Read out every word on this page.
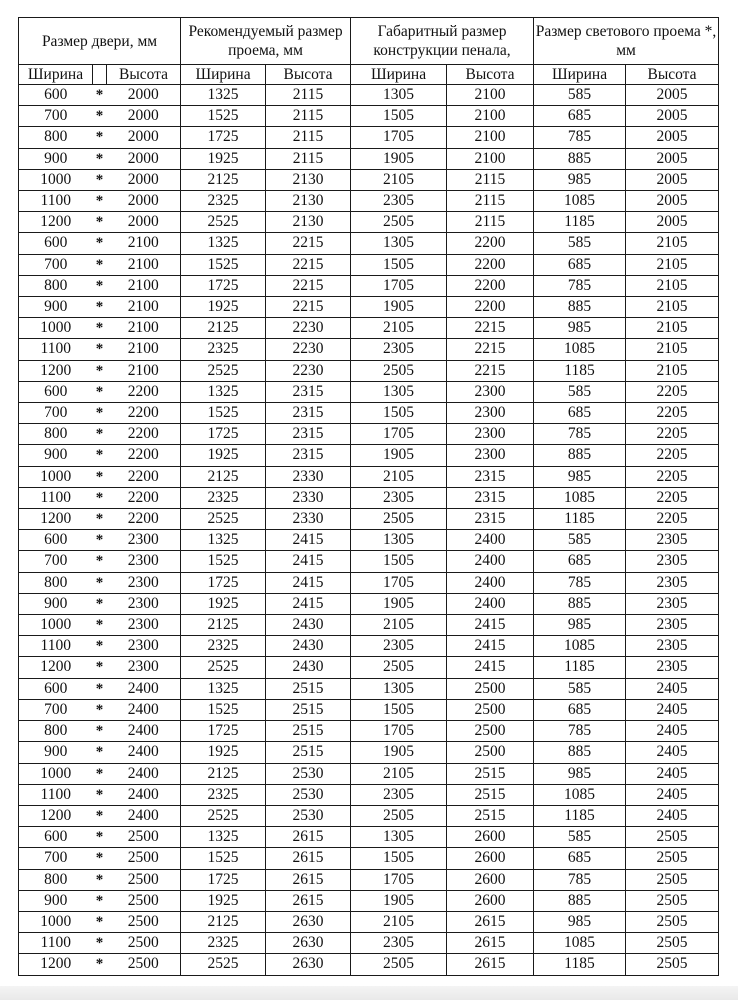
Размер двери, мм			Рекомендуемый размер проема, мм		Габаритный размер конструкции пенала,		Размер светового проема *, мм	
Ширина		Высота	Ширина	Высота	Ширина	Высота	Ширина	Высота
600	*	2000	1325	2115	1305	2100	585	2005
700	*	2000	1525	2115	1505	2100	685	2005
800	*	2000	1725	2115	1705	2100	785	2005
900	*	2000	1925	2115	1905	2100	885	2005
1000	*	2000	2125	2130	2105	2115	985	2005
1100	*	2000	2325	2130	2305	2115	1085	2005
1200	*	2000	2525	2130	2505	2115	1185	2005
600	*	2100	1325	2215	1305	2200	585	2105
700	*	2100	1525	2215	1505	2200	685	2105
800	*	2100	1725	2215	1705	2200	785	2105
900	*	2100	1925	2215	1905	2200	885	2105
1000	*	2100	2125	2230	2105	2215	985	2105
1100	*	2100	2325	2230	2305	2215	1085	2105
1200	*	2100	2525	2230	2505	2215	1185	2105
600	*	2200	1325	2315	1305	2300	585	2205
700	*	2200	1525	2315	1505	2300	685	2205
800	*	2200	1725	2315	1705	2300	785	2205
900	*	2200	1925	2315	1905	2300	885	2205
1000	*	2200	2125	2330	2105	2315	985	2205
1100	*	2200	2325	2330	2305	2315	1085	2205
1200	*	2200	2525	2330	2505	2315	1185	2205
600	*	2300	1325	2415	1305	2400	585	2305
700	*	2300	1525	2415	1505	2400	685	2305
800	*	2300	1725	2415	1705	2400	785	2305
900	*	2300	1925	2415	1905	2400	885	2305
1000	*	2300	2125	2430	2105	2415	985	2305
1100	*	2300	2325	2430	2305	2415	1085	2305
1200	*	2300	2525	2430	2505	2415	1185	2305
600	*	2400	1325	2515	1305	2500	585	2405
700	*	2400	1525	2515	1505	2500	685	2405
800	*	2400	1725	2515	1705	2500	785	2405
900	*	2400	1925	2515	1905	2500	885	2405
1000	*	2400	2125	2530	2105	2515	985	2405
1100	*	2400	2325	2530	2305	2515	1085	2405
1200	*	2400	2525	2530	2505	2515	1185	2405
600	*	2500	1325	2615	1305	2600	585	2505
700	*	2500	1525	2615	1505	2600	685	2505
800	*	2500	1725	2615	1705	2600	785	2505
900	*	2500	1925	2615	1905	2600	885	2505
1000	*	2500	2125	2630	2105	2615	985	2505
1100	*	2500	2325	2630	2305	2615	1085	2505
1200	*	2500	2525	2630	2505	2615	1185	2505
